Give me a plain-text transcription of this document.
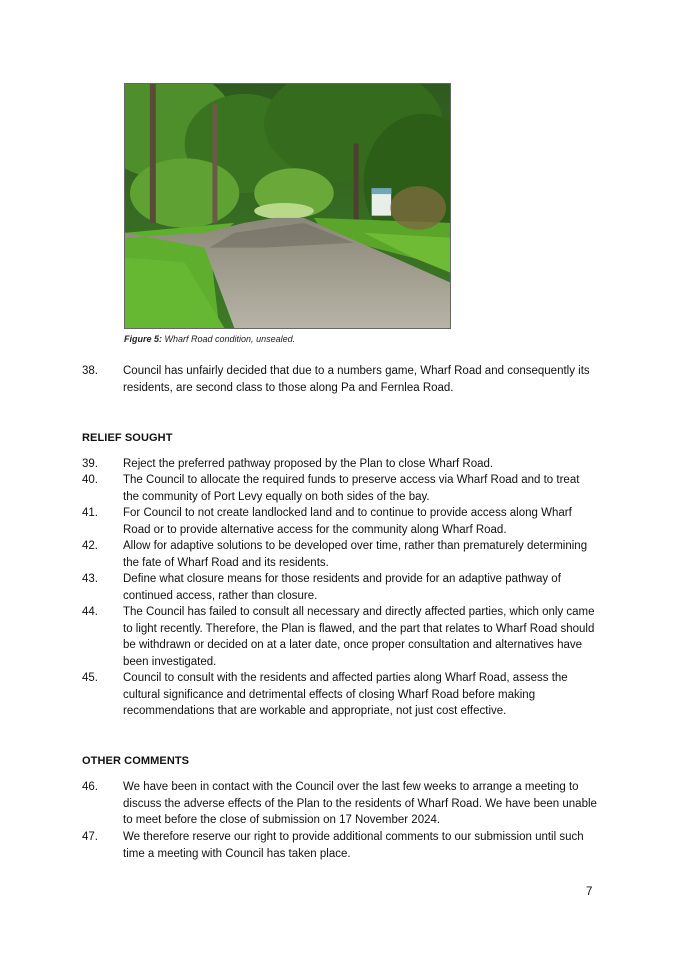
Figure 5: Wharf Road condition, unsealed.
38. Council has unfairly decided that due to a numbers game, Wharf Road and consequently its residents, are second class to those along Pa and Fernlea Road.
RELIEF SOUGHT
39. Reject the preferred pathway proposed by the Plan to close Wharf Road.
40. The Council to allocate the required funds to preserve access via Wharf Road and to treat the community of Port Levy equally on both sides of the bay.
41. For Council to not create landlocked land and to continue to provide access along Wharf Road or to provide alternative access for the community along Wharf Road.
42. Allow for adaptive solutions to be developed over time, rather than prematurely determining the fate of Wharf Road and its residents.
43. Define what closure means for those residents and provide for an adaptive pathway of continued access, rather than closure.
44. The Council has failed to consult all necessary and directly affected parties, which only came to light recently. Therefore, the Plan is flawed, and the part that relates to Wharf Road should be withdrawn or decided on at a later date, once proper consultation and alternatives have been investigated.
45. Council to consult with the residents and affected parties along Wharf Road, assess the cultural significance and detrimental effects of closing Wharf Road before making recommendations that are workable and appropriate, not just cost effective.
OTHER COMMENTS
46. We have been in contact with the Council over the last few weeks to arrange a meeting to discuss the adverse effects of the Plan to the residents of Wharf Road. We have been unable to meet before the close of submission on 17 November 2024.
47. We therefore reserve our right to provide additional comments to our submission until such time a meeting with Council has taken place.
7
